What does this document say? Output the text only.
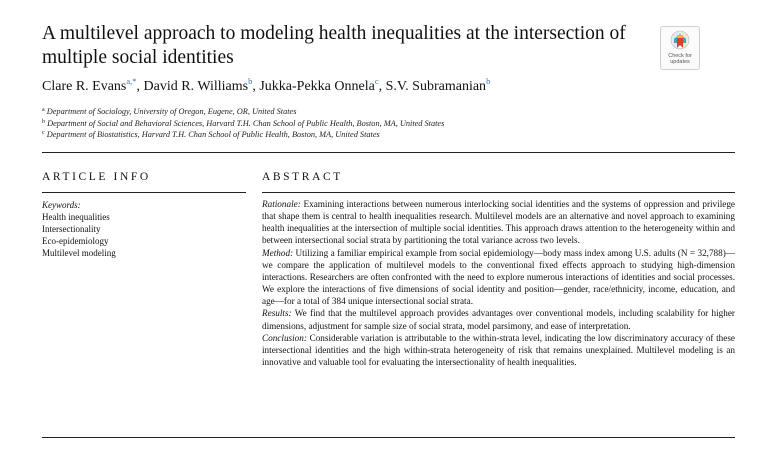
A multilevel approach to modeling health inequalities at the intersection of multiple social identities	Check for
updates
Clare R. Evans$^{a,*}$, David R. Williams$^b$, Jukka-Pekka Onnela$^c$, S.V. Subramanian$^b$
$^a$ Department of Sociology, University of Oregon, Eugene, OR, United States
$^b$ Department of Social and Behavioral Sciences, Harvard T.H. Chan School of Public Health, Boston, MA, United States
$^c$ Department of Biostatistics, Harvard T.H. Chan School of Public Health, Boston, MA, United States
ARTICLE INFO	ABSTRACT
Keywords:
Health inequalities
Intersectionality
Eco-epidemiology
Multilevel modeling

Rationale: Examining interactions between numerous interlocking social identities and the systems of oppression and privilege that shape them is central to health inequalities research. Multilevel models are an alternative and novel approach to examining health inequalities at the intersection of multiple social identities. This approach draws attention to the heterogeneity within and between intersectional social strata by partitioning the total variance across two levels.

Method: Utilizing a familiar empirical example from social epidemiology—body mass index among U.S. adults (N = 32,788)—we compare the application of multilevel models to the conventional fixed effects approach to studying high-dimension interactions. Researchers are often confronted with the need to explore numerous interactions of identities and social processes. We explore the interactions of five dimensions of social identity and position—gender, race/ethnicity, income, education, and age—for a total of 384 unique intersectional social strata.

Results: We find that the multilevel approach provides advantages over conventional models, including scalability for higher dimensions, adjustment for sample size of social strata, model parsimony, and ease of interpretation.

Conclusion: Considerable variation is attributable to the within-strata level, indicating the low discriminatory accuracy of these intersectional identities and the high within-strata heterogeneity of risk that remains unexplained. Multilevel modeling is an innovative and valuable tool for evaluating the intersectionality of health inequalities.
